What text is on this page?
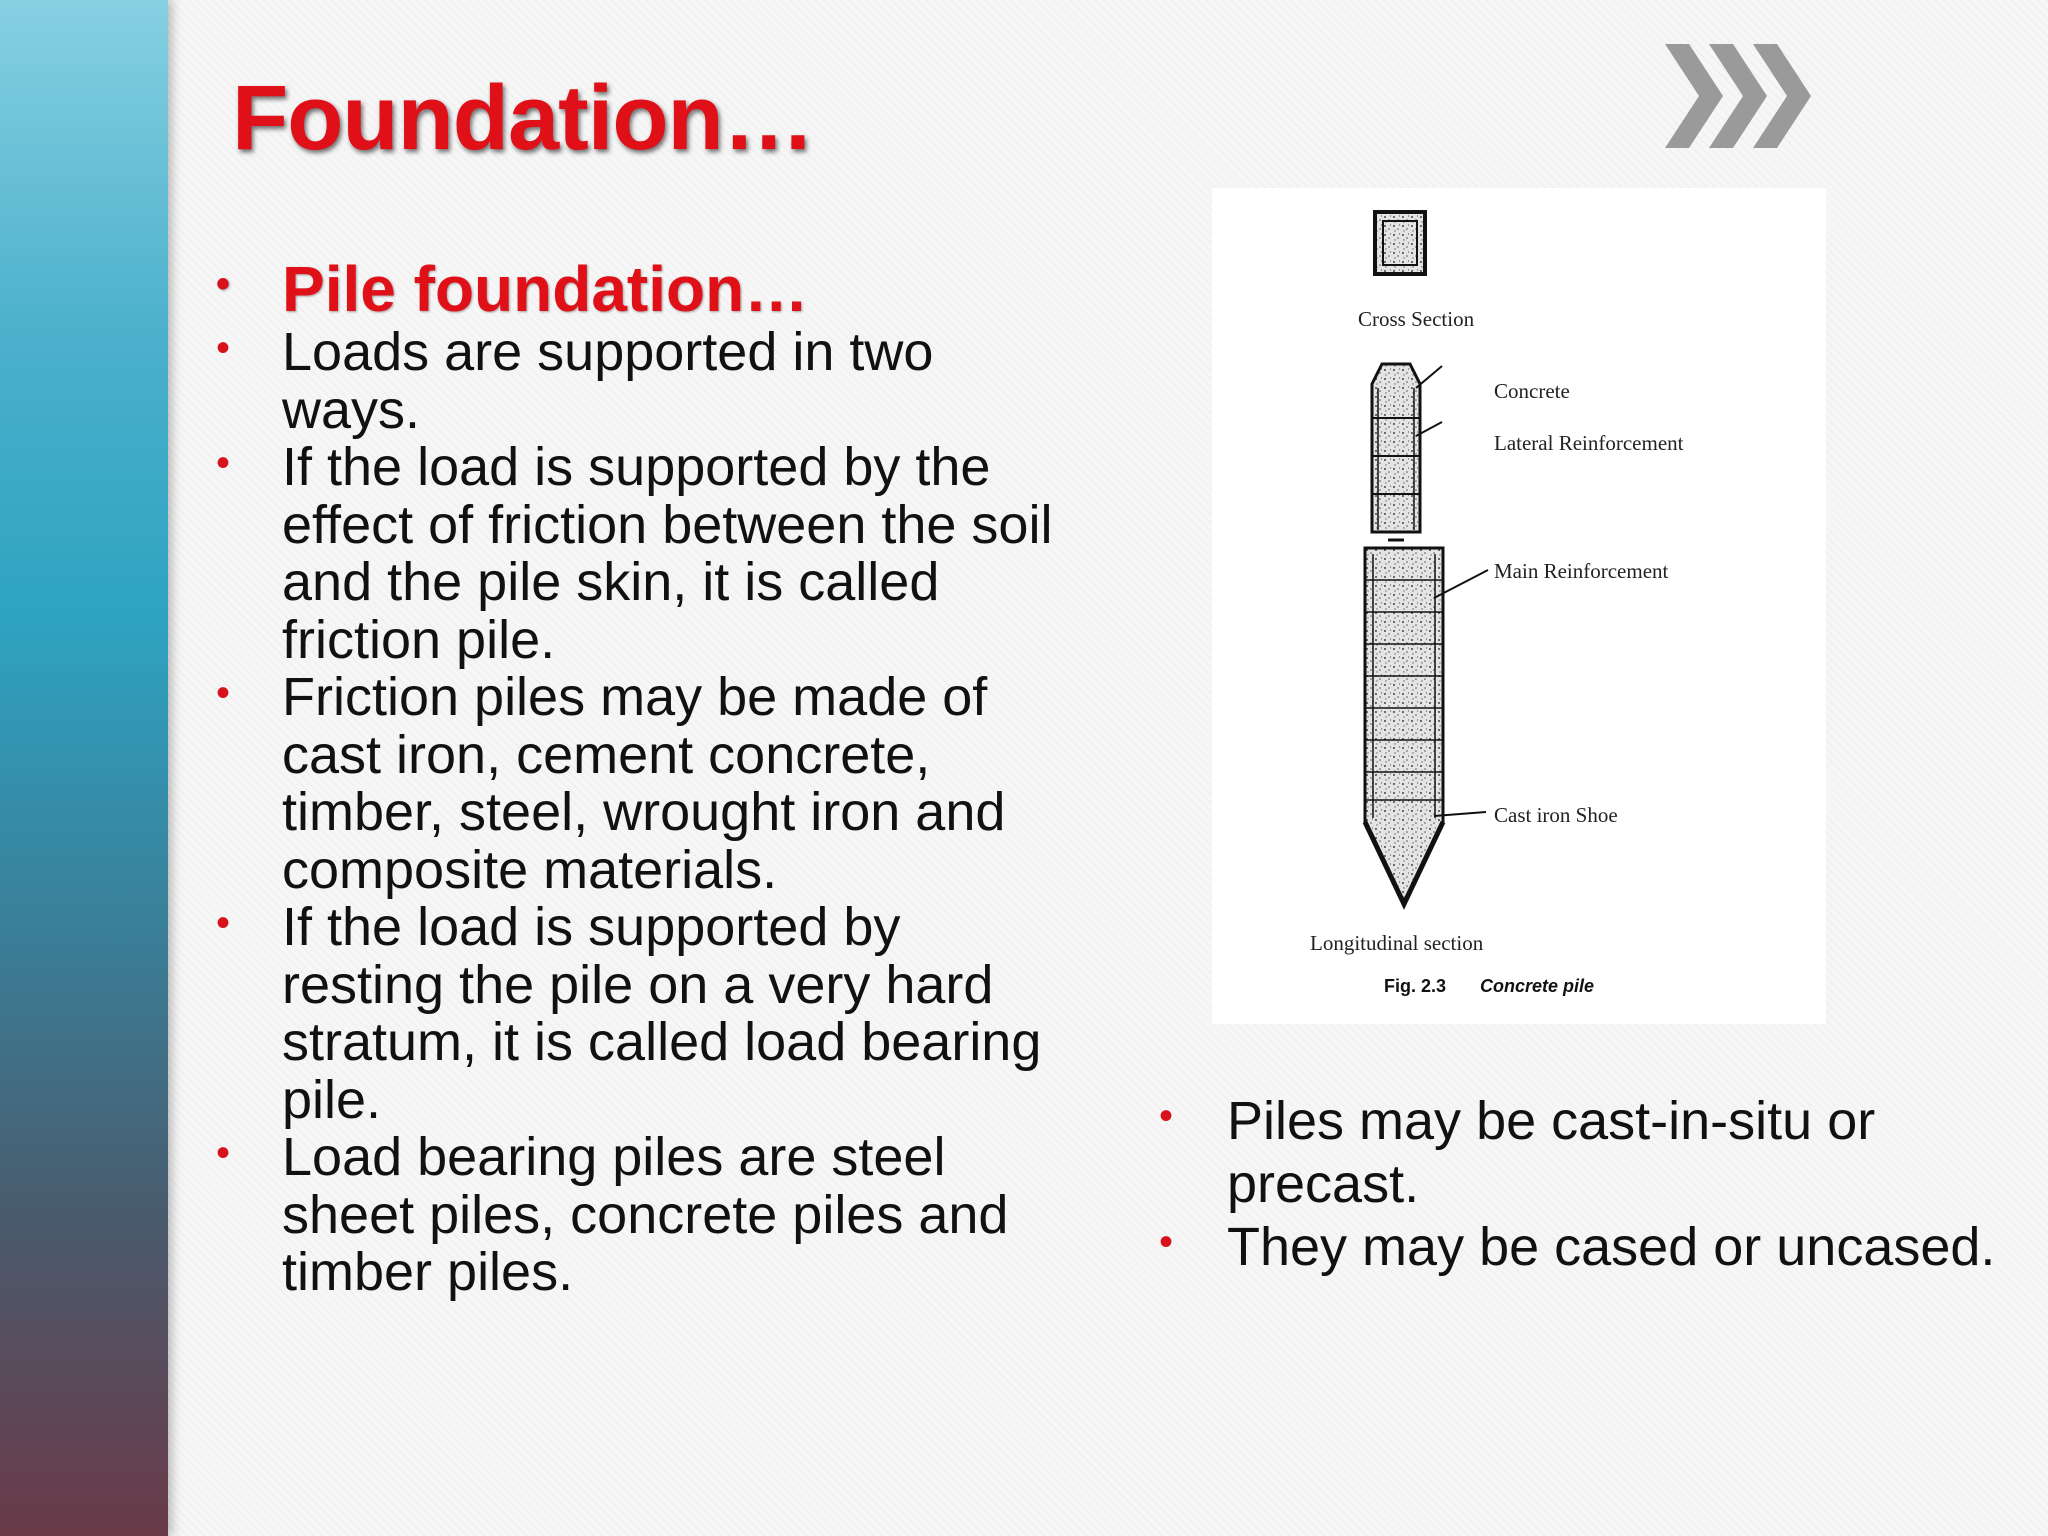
Foundation…
• Pile foundation…
• Loads are supported in two ways.
• If the load is supported by the effect of friction between the soil and the pile skin, it is called friction pile.
• Friction piles may be made of cast iron, cement concrete, timber, steel, wrought iron and composite materials.
• If the load is supported by resting the pile on a very hard stratum, it is called load bearing pile.
• Load bearing piles are steel sheet piles, concrete piles and timber piles.
Cross Section
Concrete
Lateral Reinforcement
Main Reinforcement
Cast iron Shoe
Longitudinal section
Fig. 2.3 Concrete pile
• Piles may be cast-in-situ or precast.
• They may be cased or uncased.
